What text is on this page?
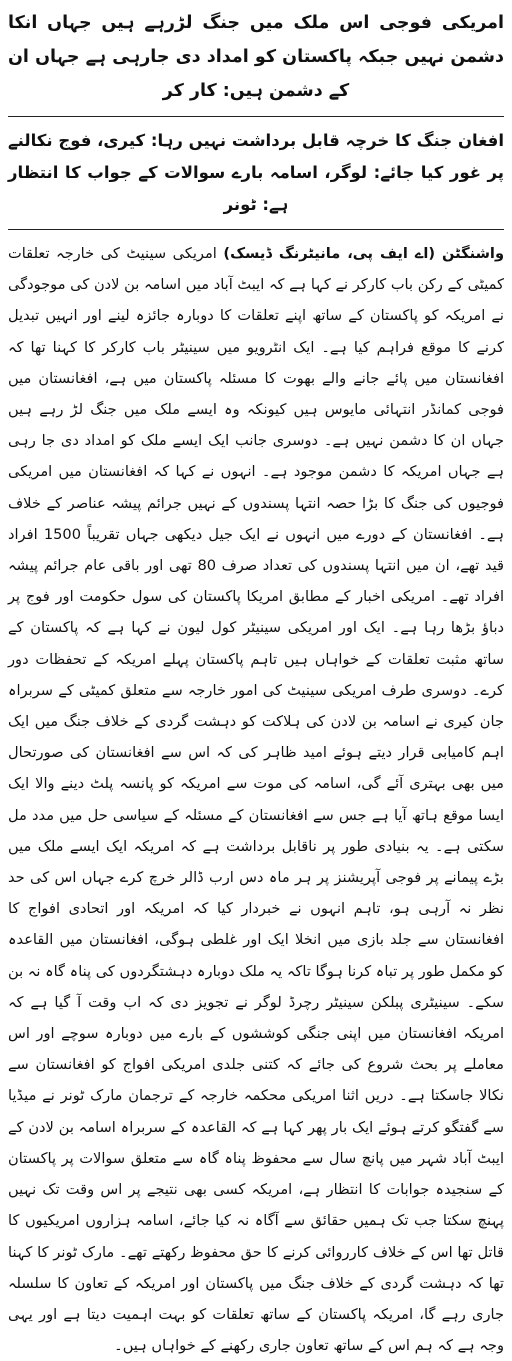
امریکی فوجی اس ملک میں جنگ لڑرہے ہیں جہاں انکا دشمن نہیں جبکہ پاکستان کو امداد دی جارہی ہے جہاں ان کے دشمن ہیں: کار کر
افغان جنگ کا خرچہ قابل برداشت نہیں رہا: کیری، فوج نکالنے پر غور کیا جائے: لوگر، اسامہ بارے سوالات کے جواب کا انتظار ہے: ٹونر
واشنگٹن (اے ایف پی، مانیٹرنگ ڈیسک) امریکی سینیٹ کی خارجہ تعلقات کمیٹی کے رکن باب کارکر نے کہا ہے کہ ایبٹ آباد میں اسامہ بن لادن کی موجودگی نے امریکہ کو پاکستان کے ساتھ اپنے تعلقات کا دوبارہ جائزہ لینے اور انہیں تبدیل کرنے کا موقع فراہم کیا ہے۔ ایک انٹرویو میں سینیٹر باب کارکر کا کہنا تھا کہ افغانستان میں پائے جانے والے بھوت کا مسئلہ پاکستان میں ہے، افغانستان میں فوجی کمانڈر انتہائی مایوس ہیں کیونکہ وہ ایسے ملک میں جنگ لڑ رہے ہیں جہاں ان کا دشمن نہیں ہے۔ دوسری جانب ایک ایسے ملک کو امداد دی جا رہی ہے جہاں امریکہ کا دشمن موجود ہے۔ انہوں نے کہا کہ افغانستان میں امریکی فوجیوں کی جنگ کا بڑا حصہ انتہا پسندوں کے نہیں جرائم پیشہ عناصر کے خلاف ہے۔ افغانستان کے دورے میں انہوں نے ایک جیل دیکھی جہاں تقریباً 1500 افراد قید تھے، ان میں انتہا پسندوں کی تعداد صرف 80 تھی اور باقی عام جرائم پیشہ افراد تھے۔ امریکی اخبار کے مطابق امریکا پاکستان کی سول حکومت اور فوج پر دباؤ بڑھا رہا ہے۔ ایک اور امریکی سینیٹر کول لیون نے کہا ہے کہ پاکستان کے ساتھ مثبت تعلقات کے خواہاں ہیں تاہم پاکستان پہلے امریکہ کے تحفظات دور کرے۔ دوسری طرف امریکی سینیٹ کی امور خارجہ سے متعلق کمیٹی کے سربراہ جان کیری نے اسامہ بن لادن کی ہلاکت کو دہشت گردی کے خلاف جنگ میں ایک اہم کامیابی قرار دیتے ہوئے امید ظاہر کی کہ اس سے افغانستان کی صورتحال میں بھی بہتری آئے گی، اسامہ کی موت سے امریکہ کو پانسہ پلٹ دینے والا ایک ایسا موقع ہاتھ آیا ہے جس سے افغانستان کے مسئلہ کے سیاسی حل میں مدد مل سکتی ہے۔ یہ بنیادی طور پر ناقابل برداشت ہے کہ امریکہ ایک ایسے ملک میں بڑے پیمانے پر فوجی آپریشنز پر ہر ماہ دس ارب ڈالر خرچ کرے جہاں اس کی حد نظر نہ آرہی ہو، تاہم انہوں نے خبردار کیا کہ امریکہ اور اتحادی افواج کا افغانستان سے جلد بازی میں انخلا ایک اور غلطی ہوگی، افغانستان میں القاعدہ کو مکمل طور پر تباہ کرنا ہوگا تاکہ یہ ملک دوبارہ دہشتگردوں کی پناہ گاہ نہ بن سکے۔ سینیٹری پبلکن سینیٹر رچرڈ لوگر نے تجویز دی کہ اب وقت آ گیا ہے کہ امریکہ افغانستان میں اپنی جنگی کوششوں کے بارے میں دوبارہ سوچے اور اس معاملے پر بحث شروع کی جائے کہ کتنی جلدی امریکی افواج کو افغانستان سے نکالا جاسکتا ہے۔ دریں اثنا امریکی محکمہ خارجہ کے ترجمان مارک ٹونر نے میڈیا سے گفتگو کرتے ہوئے ایک بار پھر کہا ہے کہ القاعدہ کے سربراہ اسامہ بن لادن کے ایبٹ آباد شہر میں پانچ سال سے محفوظ پناہ گاہ سے متعلق سوالات پر پاکستان کے سنجیدہ جوابات کا انتظار ہے، امریکہ کسی بھی نتیجے پر اس وقت تک نہیں پہنچ سکتا جب تک ہمیں حقائق سے آگاہ نہ کیا جائے، اسامہ ہزاروں امریکیوں کا قاتل تھا اس کے خلاف کارروائی کرنے کا حق محفوظ رکھتے تھے۔ مارک ٹونر کا کہنا تھا کہ دہشت گردی کے خلاف جنگ میں پاکستان اور امریکہ کے تعاون کا سلسلہ جاری رہے گا، امریکہ پاکستان کے ساتھ تعلقات کو بہت اہمیت دیتا ہے اور یہی وجہ ہے کہ ہم اس کے ساتھ تعاون جاری رکھنے کے خواہاں ہیں۔
